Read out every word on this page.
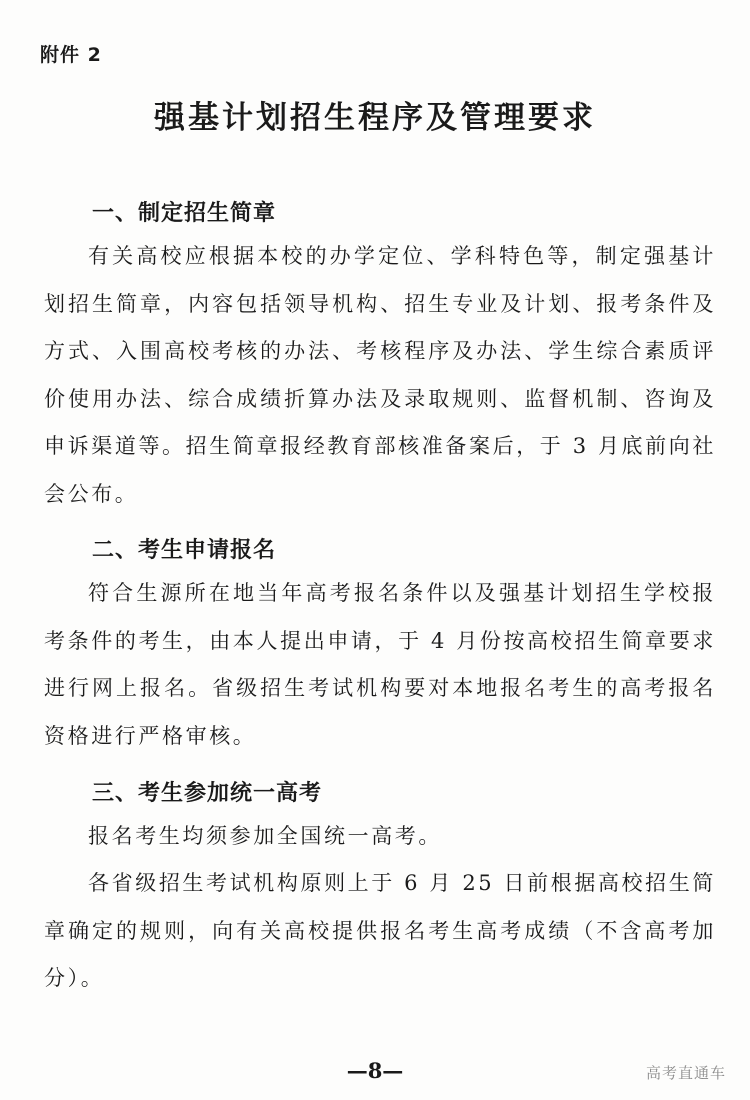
附件 2
强基计划招生程序及管理要求
一、制定招生简章

有关高校应根据本校的办学定位、学科特色等，制定强基计划招生简章，内容包括领导机构、招生专业及计划、报考条件及方式、入围高校考核的办法、考核程序及办法、学生综合素质评价使用办法、综合成绩折算办法及录取规则、监督机制、咨询及申诉渠道等。招生简章报经教育部核准备案后，于 3 月底前向社会公布。

二、考生申请报名

符合生源所在地当年高考报名条件以及强基计划招生学校报考条件的考生，由本人提出申请，于 4 月份按高校招生简章要求进行网上报名。省级招生考试机构要对本地报名考生的高考报名资格进行严格审核。

三、考生参加统一高考

报名考生均须参加全国统一高考。

各省级招生考试机构原则上于 6 月 25 日前根据高校招生简章确定的规则，向有关高校提供报名考生高考成绩（不含高考加分）。

—8—	高考直通车
